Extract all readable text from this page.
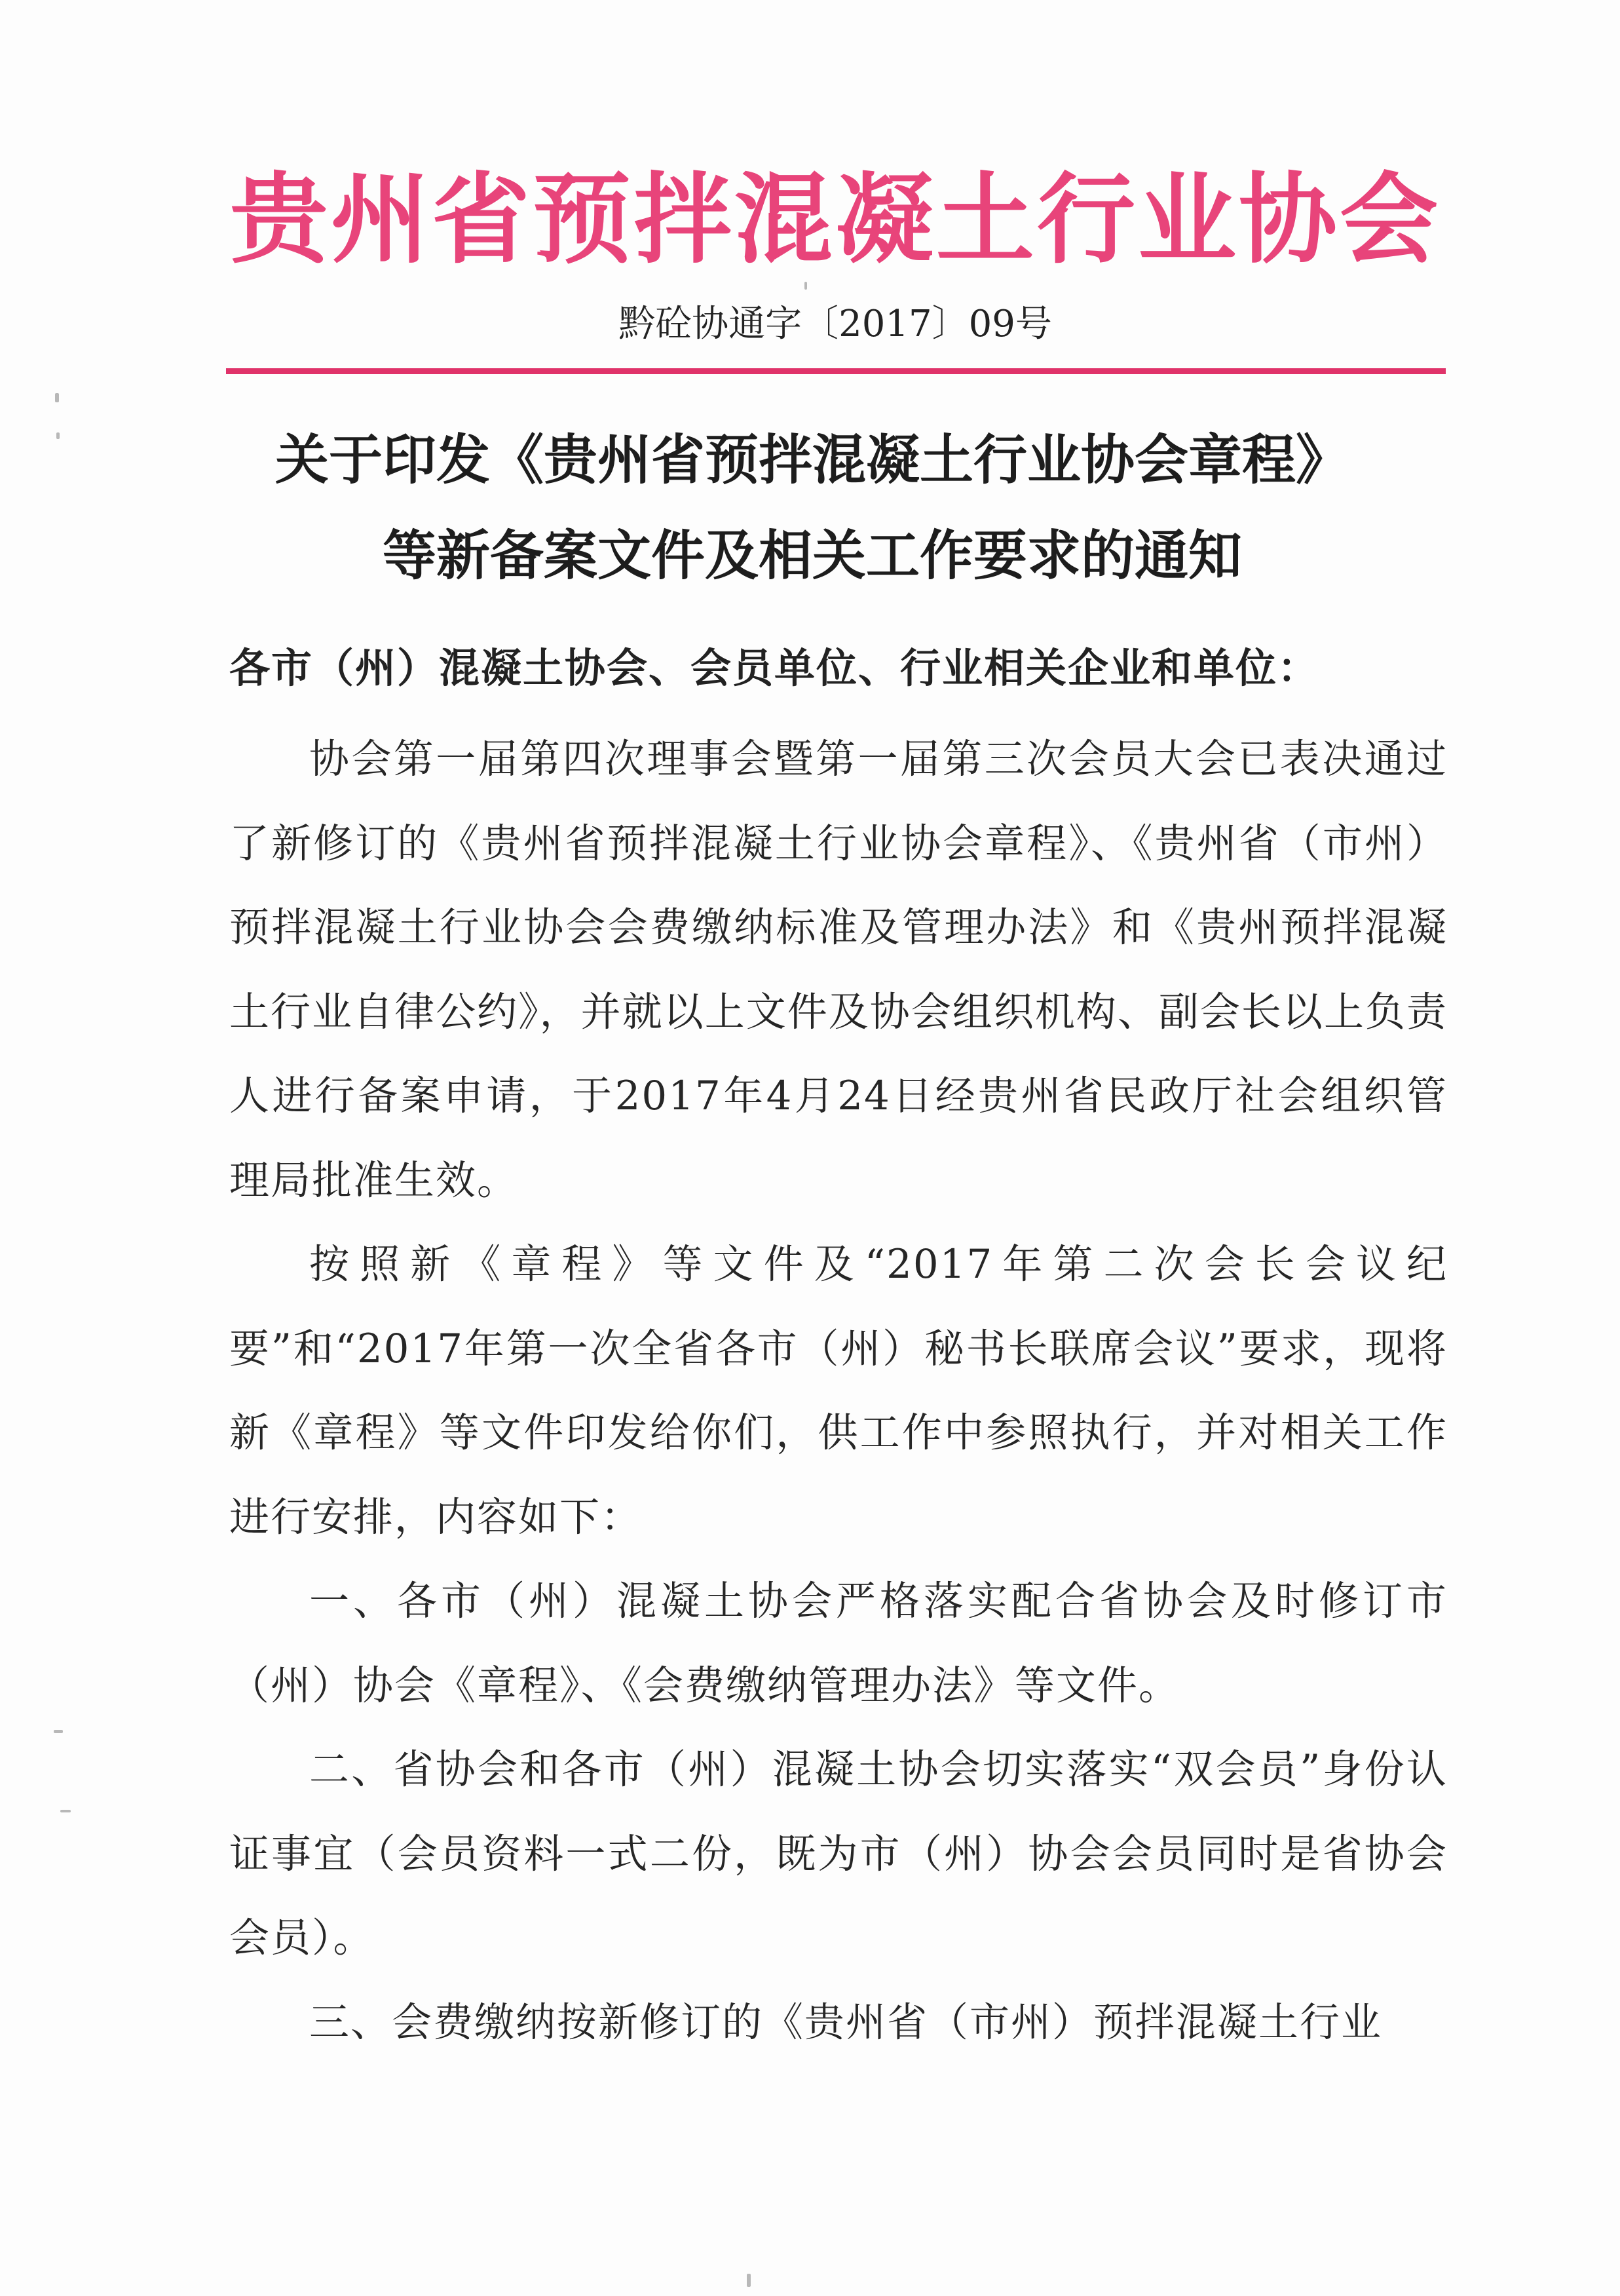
贵州省预拌混凝土行业协会
黔砼协通字〔2017〕09号
关于印发《贵州省预拌混凝土行业协会章程》
等新备案文件及相关工作要求的通知
各市（州）混凝土协会、会员单位、行业相关企业和单位：

协会第一届第四次理事会暨第一届第三次会员大会已表决通过了新修订的《贵州省预拌混凝土行业协会章程》、《贵州省（市州）预拌混凝土行业协会会费缴纳标准及管理办法》和《贵州预拌混凝土行业自律公约》，并就以上文件及协会组织机构、副会长以上负责人进行备案申请，于2017年4月24日经贵州省民政厅社会组织管理局批准生效。

按照新《章程》等文件及“2017年第二次会长会议纪要”和“2017年第一次全省各市（州）秘书长联席会议”要求，现将新《章程》等文件印发给你们，供工作中参照执行，并对相关工作进行安排，内容如下：

一、各市（州）混凝土协会严格落实配合省协会及时修订市（州）协会《章程》、《会费缴纳管理办法》等文件。

二、省协会和各市（州）混凝土协会切实落实“双会员”身份认证事宜（会员资料一式二份，既为市（州）协会会员同时是省协会会员）。

三、会费缴纳按新修订的《贵州省（市州）预拌混凝土行业
